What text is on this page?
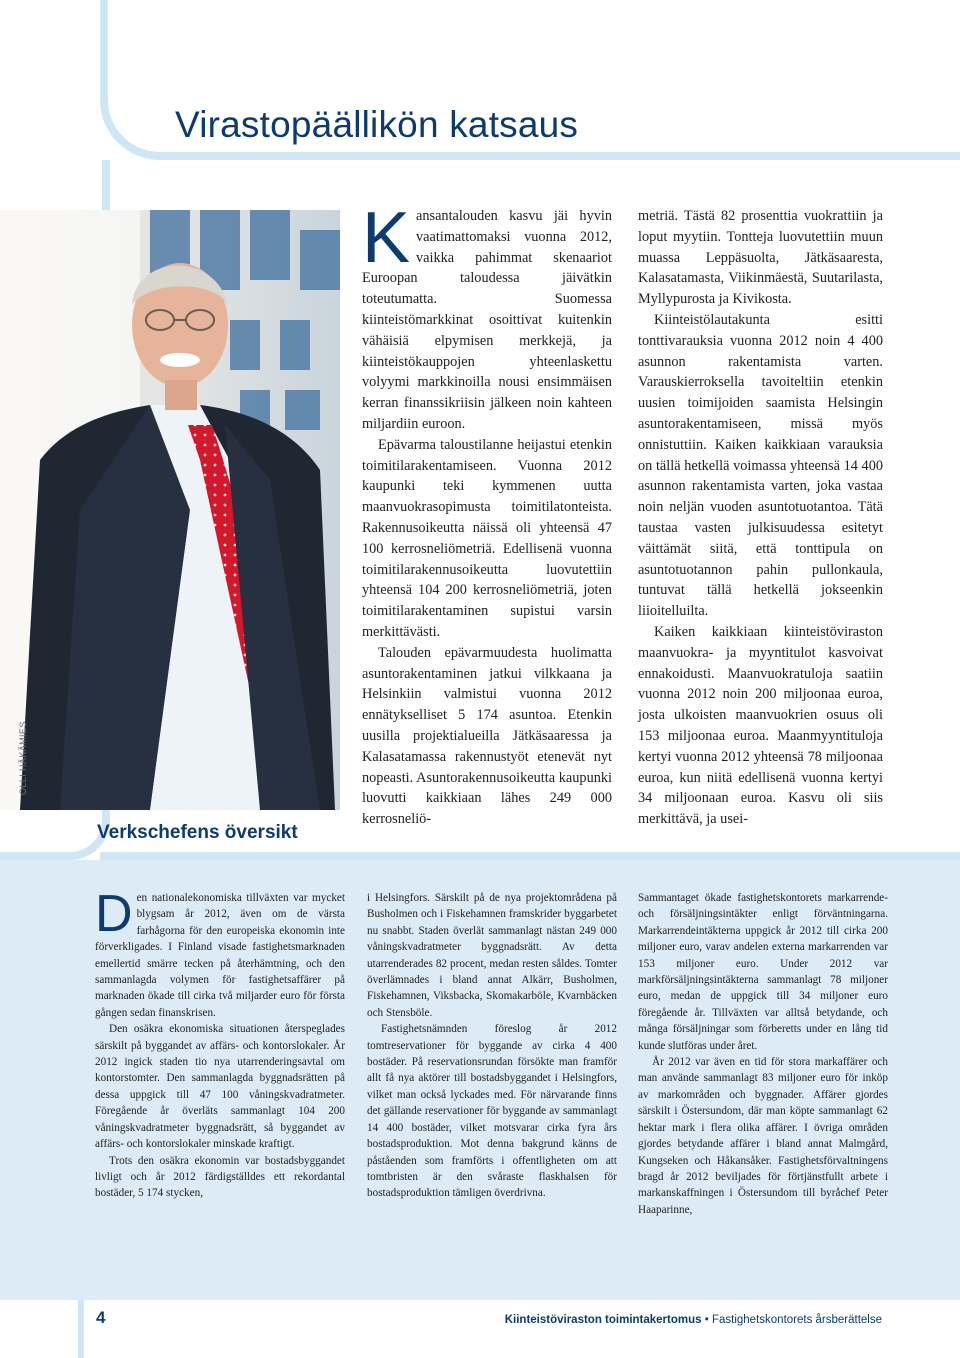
Virastopäällikön katsaus
OLLI HÄKÄMIES
Verkschefens översikt

Kansantalouden kasvu jäi hyvin vaatimattomaksi vuonna 2012, vaikka pahimmat skenaariot Euroopan taloudessa jäivätkin toteutumatta. Suomessa kiinteistömarkkinat osoittivat kuitenkin vähäisiä elpymisen merkkejä, ja kiinteistökauppojen yhteenlaskettu volyymi markkinoilla nousi ensimmäisen kerran finanssikriisin jälkeen noin kahteen miljardiin euroon.

Epävarma taloustilanne heijastui etenkin toimitilarakentamiseen. Vuonna 2012 kaupunki teki kymmenen uutta maanvuokrasopimusta toimitilatonteista. Rakennusoikeutta näissä oli yhteensä 47 100 kerrosneliömetriä. Edellisenä vuonna toimitilarakennusoikeutta luovutettiin yhteensä 104 200 kerrosneliömetriä, joten toimitilarakentaminen supistui varsin merkittävästi.

Talouden epävarmuudesta huolimatta asuntorakentaminen jatkui vilkkaana ja Helsinkiin valmistui vuonna 2012 ennätykselliset 5 174 asuntoa. Etenkin uusilla projektialueilla Jätkäsaaressa ja Kalasatamassa rakennustyöt etenevät nyt nopeasti. Asuntorakennusoikeutta kaupunki luovutti kaikkiaan lähes 249 000 kerrosneliö-

metriä. Tästä 82 prosenttia vuokrattiin ja loput myytiin. Tontteja luovutettiin muun muassa Leppäsuolta, Jätkäsaaresta, Kalasatamasta, Viikinmäestä, Suutarilasta, Myllypurosta ja Kivikosta.

Kiinteistölautakunta esitti tonttivarauksia vuonna 2012 noin 4 400 asunnon rakentamista varten. Varauskierroksella tavoiteltiin etenkin uusien toimijoiden saamista Helsingin asuntorakentamiseen, missä myös onnistuttiin. Kaiken kaikkiaan varauksia on tällä hetkellä voimassa yhteensä 14 400 asunnon rakentamista varten, joka vastaa noin neljän vuoden asuntotuotantoa. Tätä taustaa vasten julkisuudessa esitetyt väittämät siitä, että tonttipula on asuntotuotannon pahin pullonkaula, tuntuvat tällä hetkellä jokseenkin liioitelluilta.

Kaiken kaikkiaan kiinteistöviraston maanvuokra- ja myyntitulot kasvoivat ennakoidusti. Maanvuokratuloja saatiin vuonna 2012 noin 200 miljoonaa euroa, josta ulkoisten maanvuokrien osuus oli 153 miljoonaa euroa. Maanmyyntituloja kertyi vuonna 2012 yhteensä 78 miljoonaa euroa, kun niitä edellisenä vuonna kertyi 34 miljoonaan euroa. Kasvu oli siis merkittävä, ja usei-

Den nationalekonomiska tillväxten var mycket blygsam år 2012, även om de värsta farhågorna för den europeiska ekonomin inte förverkligades. I Finland visade fastighetsmarknaden emellertid smärre tecken på återhämtning, och den sammanlagda volymen för fastighetsaffärer på marknaden ökade till cirka två miljarder euro för första gången sedan finanskrisen.

Den osäkra ekonomiska situationen återspeglades särskilt på byggandet av affärs- och kontorslokaler. År 2012 ingick staden tio nya utarrenderingsavtal om kontorstomter. Den sammanlagda byggnadsrätten på dessa uppgick till 47 100 våningskvadratmeter. Föregående år överläts sammanlagt 104 200 våningskvadratmeter byggnadsrätt, så byggandet av affärs- och kontorslokaler minskade kraftigt.

Trots den osäkra ekonomin var bostadsbyggandet livligt och år 2012 färdigställdes ett rekordantal bostäder, 5 174 stycken,

i Helsingfors. Särskilt på de nya projektområdena på Busholmen och i Fiskehamnen framskrider byggarbetet nu snabbt. Staden överlät sammanlagt nästan 249 000 våningskvadratmeter byggnadsrätt. Av detta utarrenderades 82 procent, medan resten såldes. Tomter överlämnades i bland annat Alkärr, Busholmen, Fiskehamnen, Viksbacka, Skomakarböle, Kvarnbäcken och Stensböle.

Fastighetsnämnden föreslog år 2012 tomtreservationer för byggande av cirka 4 400 bostäder. På reservationsrundan försökte man framför allt få nya aktörer till bostadsbyggandet i Helsingfors, vilket man också lyckades med. För närvarande finns det gällande reservationer för byggande av sammanlagt 14 400 bostäder, vilket motsvarar cirka fyra års bostadsproduktion. Mot denna bakgrund känns de påståenden som framförts i offentligheten om att tomtbristen är den svåraste flaskhalsen för bostadsproduktion tämligen överdrivna.

Sammantaget ökade fastighetskontorets markarrende- och försäljningsintäkter enligt förväntningarna. Markarrendeintäkterna uppgick år 2012 till cirka 200 miljoner euro, varav andelen externa markarrenden var 153 miljoner euro. Under 2012 var markförsäljningsintäkterna sammanlagt 78 miljoner euro, medan de uppgick till 34 miljoner euro föregående år. Tillväxten var alltså betydande, och många försäljningar som förberetts under en lång tid kunde slutföras under året.

År 2012 var även en tid för stora markaffärer och man använde sammanlagt 83 miljoner euro för inköp av markområden och byggnader. Affärer gjordes särskilt i Östersundom, där man köpte sammanlagt 62 hektar mark i flera olika affärer. I övriga områden gjordes betydande affärer i bland annat Malmgård, Kungseken och Håkansåker. Fastighetsförvaltningens bragd år 2012 beviljades för förtjänstfullt arbete i markanskaffningen i Östersundom till byråchef Peter Haaparinne,

4	Kiinteistöviraston toimintakertomus • Fastighetskontorets årsberättelse
